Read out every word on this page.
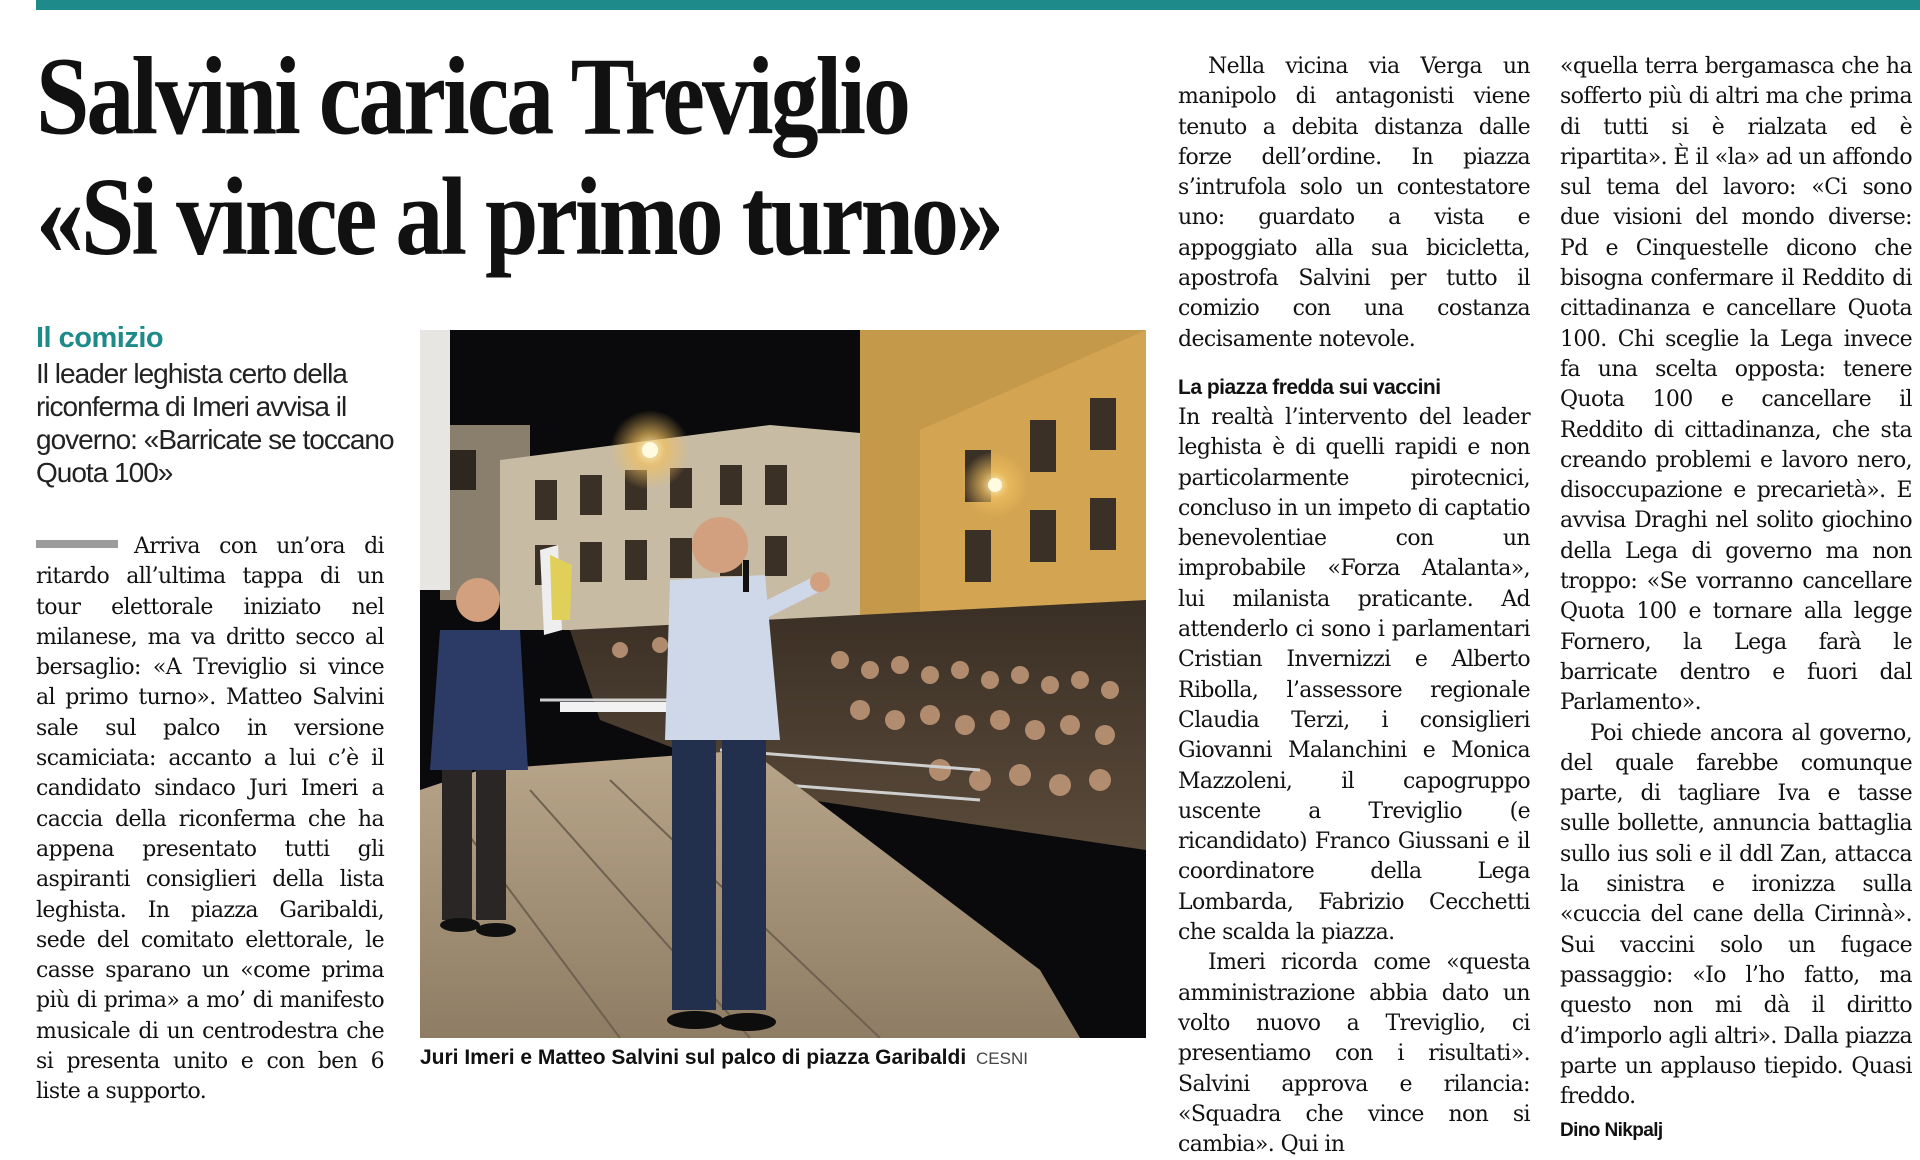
Salvini carica Treviglio
«Si vince al primo turno»
Il comizio
Il leader leghista certo della riconferma di Imeri avvisa il governo: «Barricate se toccano Quota 100»

Arriva con un’ora di ritardo all’ultima tappa di un tour elettorale iniziato nel milanese, ma va dritto secco al bersaglio: «A Treviglio si vince al primo turno». Matteo Salvini sale sul palco in versione scamiciata: accanto a lui c’è il candidato sindaco Juri Imeri a caccia della riconferma che ha appena presentato tutti gli aspiranti consiglieri della lista leghista. In piazza Garibaldi, sede del comitato elettorale, le casse sparano un «come prima più di prima» a mo’ di manifesto musicale di un centrodestra che si presenta unito e con ben 6 liste a supporto.

Juri Imeri e Matteo Salvini sul palco di piazza Garibaldi CESNI

Nella vicina via Verga un manipolo di antagonisti viene tenuto a debita distanza dalle forze dell’ordine. In piazza s’intrufola solo un contestatore uno: guardato a vista e appoggiato alla sua bicicletta, apostrofa Salvini per tutto il comizio con una costanza decisamente notevole.

La piazza fredda sui vaccini

In realtà l’intervento del leader leghista è di quelli rapidi e non particolarmente pirotecnici, concluso in un impeto di captatio benevolentiae con un improbabile «Forza Atalanta», lui milanista praticante. Ad attenderlo ci sono i parlamentari Cristian Invernizzi e Alberto Ribolla, l’assessore regionale Claudia Terzi, i consiglieri Giovanni Malanchini e Monica Mazzoleni, il capogruppo uscente a Treviglio (e ricandidato) Franco Giussani e il coordinatore della Lega Lombarda, Fabrizio Cecchetti che scalda la piazza.

Imeri ricorda come «questa amministrazione abbia dato un volto nuovo a Treviglio, ci presentiamo con i risultati». Salvini approva e rilancia: «Squadra che vince non si cambia». Qui in

«quella terra bergamasca che ha sofferto più di altri ma che prima di tutti si è rialzata ed è ripartita». È il «la» ad un affondo sul tema del lavoro: «Ci sono due visioni del mondo diverse: Pd e Cinquestelle dicono che bisogna confermare il Reddito di cittadinanza e cancellare Quota 100. Chi sceglie la Lega invece fa una scelta opposta: tenere Quota 100 e cancellare il Reddito di cittadinanza, che sta creando problemi e lavoro nero, disoccupazione e precarietà». E avvisa Draghi nel solito giochino della Lega di governo ma non troppo: «Se vorranno cancellare Quota 100 e tornare alla legge Fornero, la Lega farà le barricate dentro e fuori dal Parlamento».

Poi chiede ancora al governo, del quale farebbe comunque parte, di tagliare Iva e tasse sulle bollette, annuncia battaglia sullo ius soli e il ddl Zan, attacca la sinistra e ironizza sulla «cuccia del cane della Cirinnà». Sui vaccini solo un fugace passaggio: «Io l’ho fatto, ma questo non mi dà il diritto d’imporlo agli altri». Dalla piazza parte un applauso tiepido. Quasi freddo.

Dino Nikpalj
